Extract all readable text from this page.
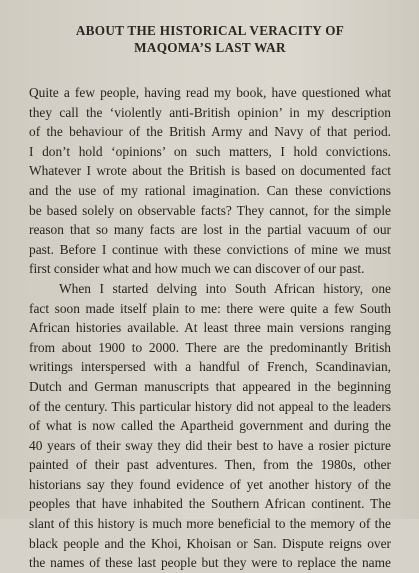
ABOUT THE HISTORICAL VERACITY OF
MAQOMA’S LAST WAR

Quite a few people, having read my book, have questioned what
they call the ‘violently anti-British opinion’ in my description
of the behaviour of the British Army and Navy of that period.
I don’t hold ‘opinions’ on such matters, I hold convictions.
Whatever I wrote about the British is based on documented fact
and the use of my rational imagination. Can these convictions
be based solely on observable facts? They cannot, for the simple
reason that so many facts are lost in the partial vacuum of our
past. Before I continue with these convictions of mine we must
first consider what and how much we can discover of our past.

When I started delving into South African history, one
fact soon made itself plain to me: there were quite a few South
African histories available. At least three main versions ranging
from about 1900 to 2000. There are the predominantly British
writings interspersed with a handful of French, Scandinavian,
Dutch and German manuscripts that appeared in the beginning
of the century. This particular history did not appeal to the leaders
of what is now called the Apartheid government and during the
40 years of their sway they did their best to have a rosier picture
painted of their past adventures. Then, from the 1980s, other
historians say they found evidence of yet another history of the
peoples that have inhabited the Southern African continent. The
slant of this history is much more beneficial to the memory of the
black people and the Khoi, Khoisan or San. Dispute reigns over
the names of these last people but they were to replace the name
